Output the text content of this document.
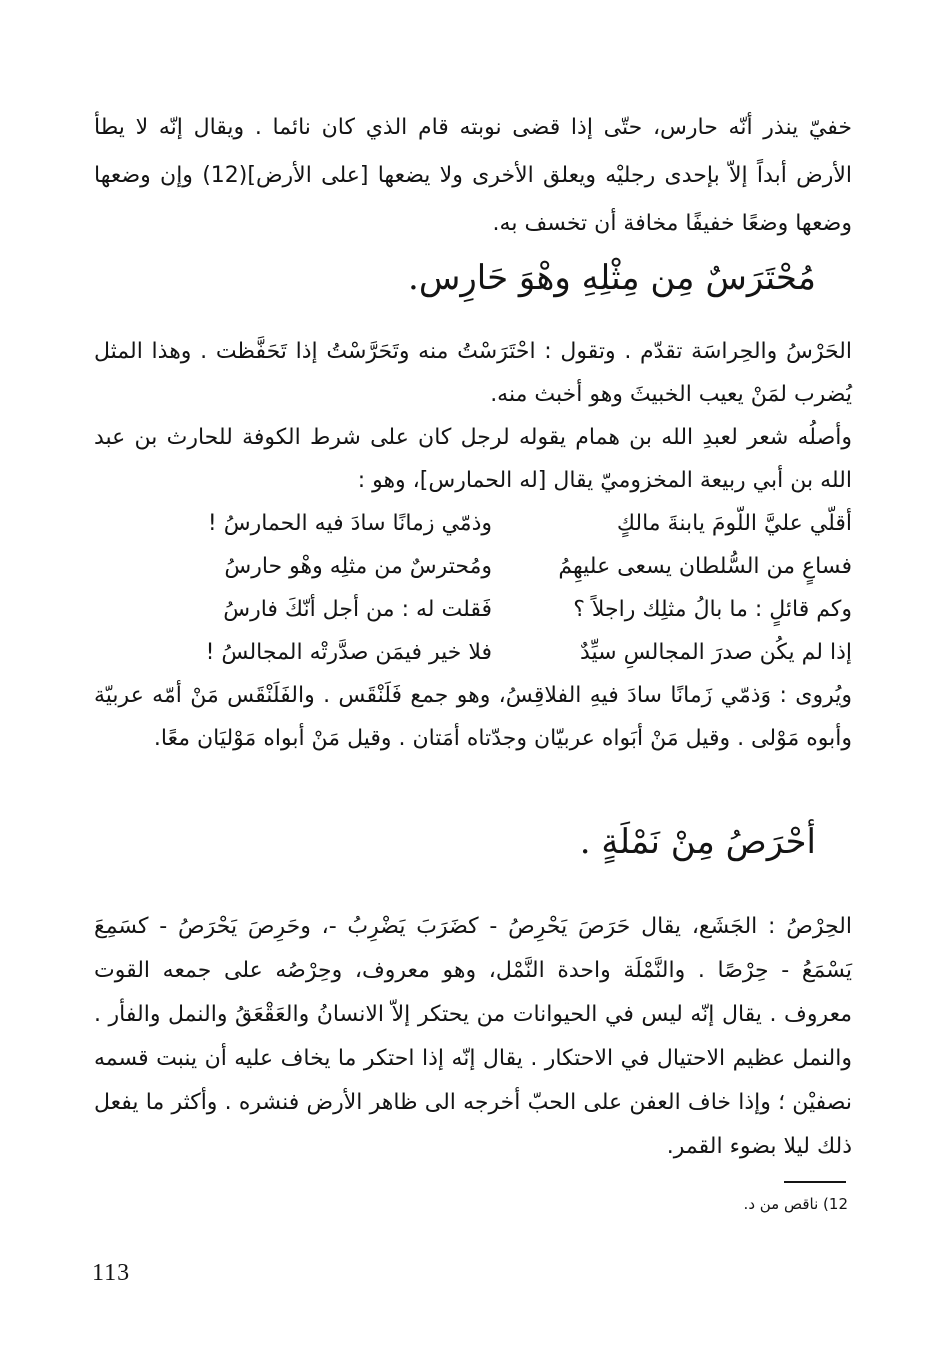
خفيّ ينذر أنّه حارس، حتّى إذا قضى نوبته قام الذي كان نائما . ويقال إنّه لا يطأ الأرض أبداً إلاّ بإحدى رجليْه ويعلق الأخرى ولا يضعها [على الأرض](12) وإن وضعها وضعها وضعًا خفيفًا مخافة أن تخسف به.

مُحْتَرَسٌ مِن مِثْلِهِ وهْوَ حَارِس.

الحَرْسُ والحِراسَة تقدّم . وتقول : احْتَرَسْتُ منه وتَحَرَّسْتُ إذا تَحَفَّظت . وهذا المثل يُضرب لمَنْ يعيب الخبيثَ وهو أخبث منه.

وأصلُه شعر لعبدِ الله بن همام يقوله لرجل كان على شرط الكوفة للحارث بن عبد الله بن أبي ربيعة المخزوميّ يقال [له الحمارس]، وهو :

أقلّي عليَّ اللّومَ يابنةَ مالكٍ
وذمّي زمانًا سادَ فيه الحمارسُ !
فساعٍ من السُّلطان يسعى عليهِمُ
ومُحترسٌ من مثلِه وهْو حارسُ
وكم قائلٍ : ما بالُ مثلِك راجلاً ؟
فَقلت له : من أجل أنّكَ فارسُ
إذا لم يكُن صدرَ المجالسِ سيِّدٌ
فلا خير فيمَن صدَّرتْه المجالسُ !

ويُروى : وَذمّي زَمانًا سادَ فيهِ الفلاقِسُ، وهو جمع فَلَنْقَس . والفَلَنْقَس مَنْ أمّه عربيّة وأبوه مَوْلى . وقيل مَنْ أبَواه عربيّان وجدّتاه أمَتان . وقيل مَنْ أبواه مَوْليَان معًا.

أحْرَصُ مِنْ نَمْلَةٍ .

الحِرْصُ : الجَشَع، يقال حَرَصَ يَحْرِصُ - كضَرَبَ يَضْرِبُ -، وحَرِصَ يَحْرَصُ - كسَمِعَ يَسْمَعُ - حِرْصًا . والنَّمْلَة واحدة النَّمْل، وهو معروف، وحِرْصُه على جمعه القوت معروف . يقال إنّه ليس في الحيوانات من يحتكر إلاّ الانسانُ والعَقْعَقُ والنمل والفأر . والنمل عظيم الاحتيال في الاحتكار . يقال إنّه إذا احتكر ما يخاف عليه أن ينبت قسمه نصفيْن ؛ وإذا خاف العفن على الحبّ أخرجه الى ظاهر الأرض فنشره . وأكثر ما يفعل ذلك ليلا بضوء القمر.

12) ناقص من د.
113
